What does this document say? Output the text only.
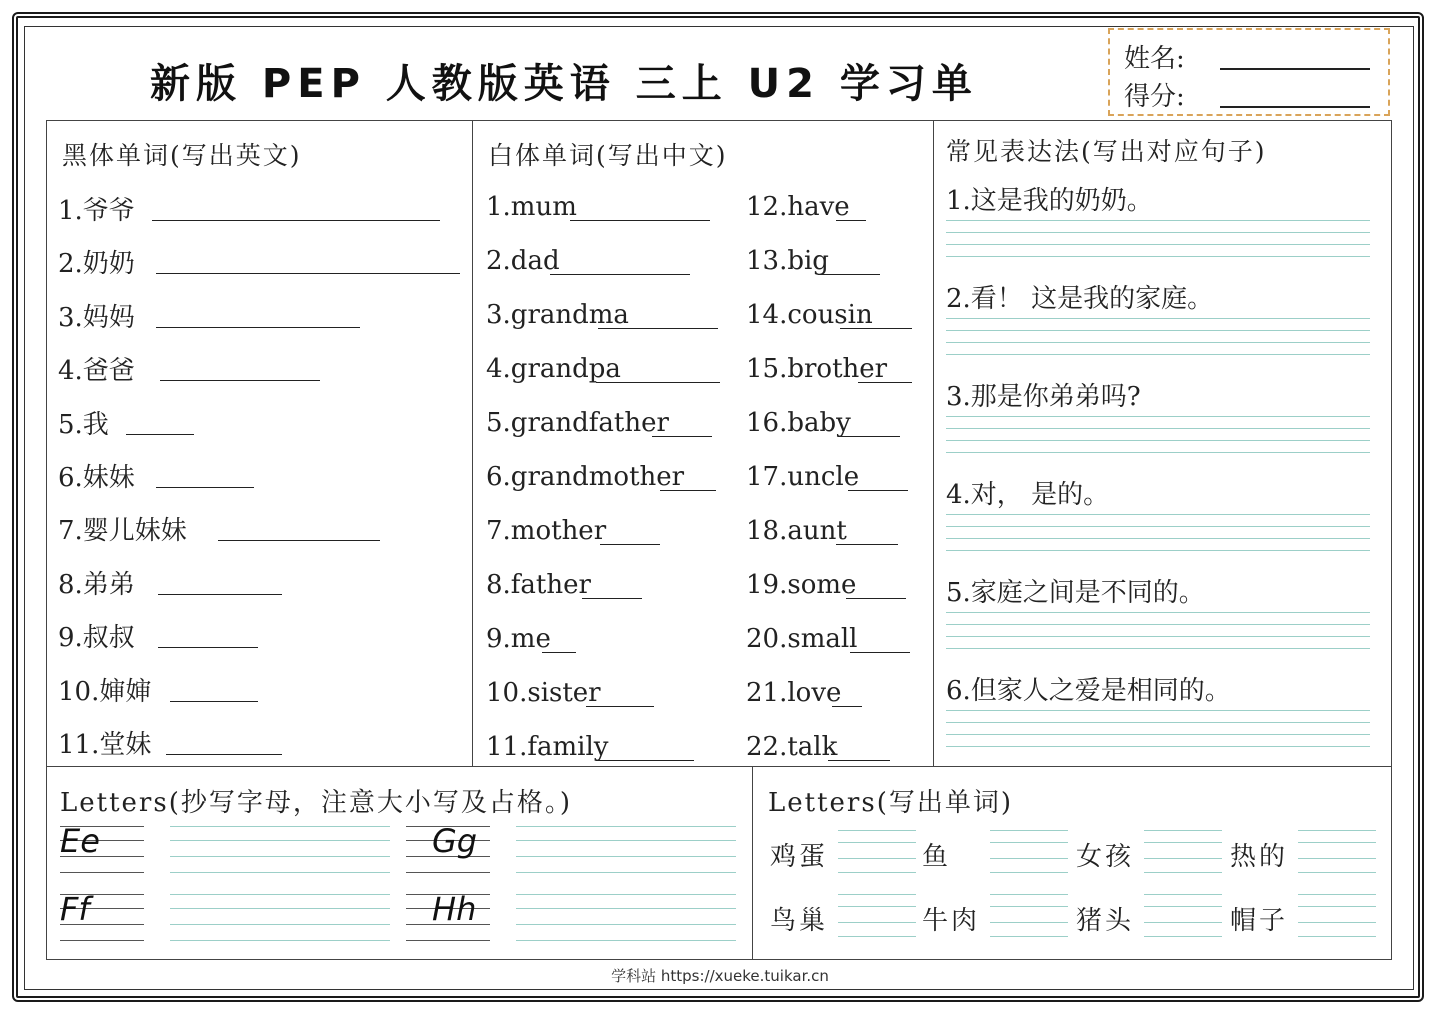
新版 PEP 人教版英语 三上 U2 学习单
姓名:
得分:
黑体单词(写出英文)
1.爷爷
2.奶奶
3.妈妈
4.爸爸
5.我
6.妹妹
7.婴儿妹妹
8.弟弟
9.叔叔
10.婶婶
11.堂妹
白体单词(写出中文)
1.mum
2.dad
3.grandma
4.grandpa
5.grandfather
6.grandmother
7.mother
8.father
9.me
10.sister
11.family
12.have
13.big
14.cousin
15.brother
16.baby
17.uncle
18.aunt
19.some
20.small
21.love
22.talk
常见表达法(写出对应句子)
1.这是我的奶奶。
2.看！ 这是我的家庭。
3.那是你弟弟吗?
4.对， 是的。
5.家庭之间是不同的。
6.但家人之爱是相同的。
Letters(抄写字母，注意大小写及占格。)
Ee	Gg
Ff	Hh
Letters(写出单词)
鸡蛋	鱼	女孩	热的
鸟巢	牛肉	猪头	帽子
学科站 https://xueke.tuikar.cn
